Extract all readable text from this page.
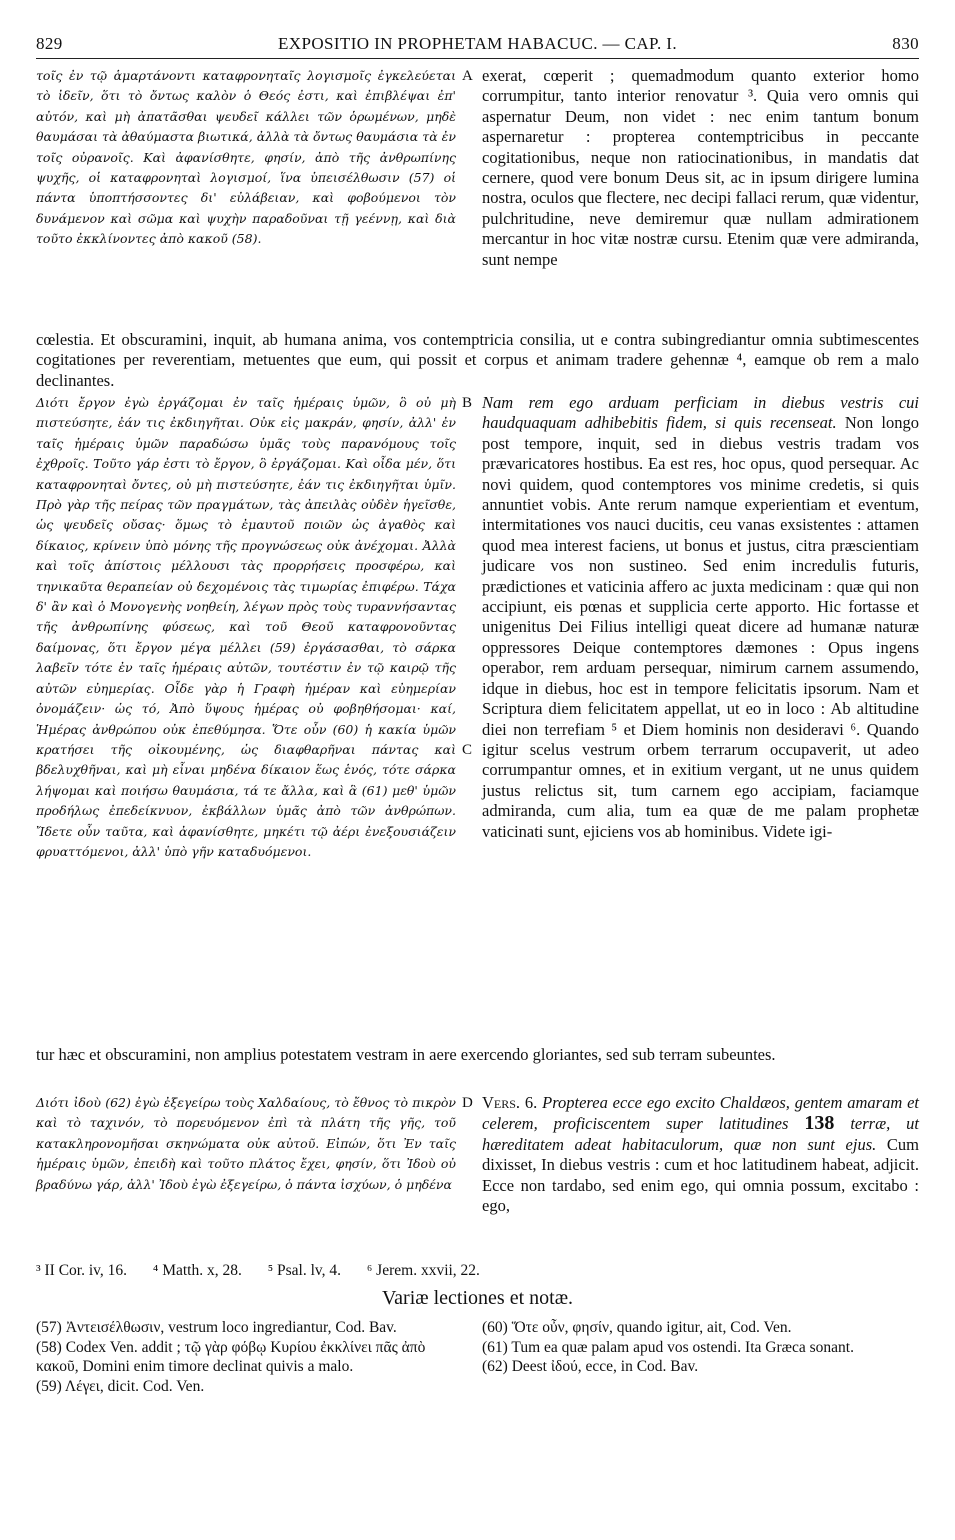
829	EXPOSITIO IN PROPHETAM HABACUC. — CAP. I.	830

τοῖς ἐν τῷ ἁμαρτάνοντι καταφρονηταῖς λογισμοῖς ἐγκελεύεται τὸ ἰδεῖν, ὅτι τὸ ὄντως καλὸν ὁ Θεός ἐστι, καὶ ἐπιβλέψαι ἐπ' αὐτόν, καὶ μὴ ἀπατᾶσθαι ψευδεῖ κάλλει τῶν ὁρωμένων, μηδὲ θαυμάσαι τὰ ἀθαύμαστα βιωτικά, ἀλλὰ τὰ ὄντως θαυμάσια τὰ ἐν τοῖς οὐρανοῖς. Καὶ ἀφανίσθητε, φησίν, ἀπὸ τῆς ἀνθρωπίνης ψυχῆς, οἱ καταφρονηταὶ λογισμοί, ἵνα ὑπεισέλθωσιν (57) οἱ πάντα ὑποπτήσσοντες δι' εὐλάβειαν, καὶ φοβούμενοι τὸν δυνάμενον καὶ σῶμα καὶ ψυχὴν παραδοῦναι τῇ γεέννῃ, καὶ διὰ τοῦτο ἐκκλίνοντες ἀπὸ κακοῦ (58).

A exerat, cœperit ; quemadmodum quanto exterior homo corrumpitur, tanto interior renovatur ³. Quia vero omnis qui aspernatur Deum, non videt : nec enim tantum bonum aspernaretur : propterea contemptricibus in peccante cogitationibus, neque non ratiocinationibus, in mandatis dat cernere, quod vere bonum Deus sit, ac in ipsum dirigere lumina nostra, oculos que flectere, nec decipi fallaci rerum, quæ videntur, pulchritudine, neve demiremur quæ nullam admirationem mercantur in hoc vitæ nostræ cursu. Etenim quæ vere admiranda, sunt nempe

cœlestia. Et obscuramini, inquit, ab humana anima, vos contemptricia consilia, ut e contra subingrediantur omnia subtimescentes cogitationes per reverentiam, metuentes que eum, qui possit et corpus et animam tradere gehennæ ⁴, eamque ob rem a malo declinantes.

Διότι ἔργον ἐγὼ ἐργάζομαι ἐν ταῖς ἡμέραις ὑμῶν, ὃ οὐ μὴ πιστεύσητε, ἐάν τις ἐκδιηγῆται. Οὐκ εἰς μακράν, φησίν, ἀλλ' ἐν ταῖς ἡμέραις ὑμῶν παραδώσω ὑμᾶς τοὺς παρανόμους τοῖς ἐχθροῖς. Τοῦτο γάρ ἐστι τὸ ἔργον, ὃ ἐργάζομαι. Καὶ οἶδα μέν, ὅτι καταφρονηταὶ ὄντες, οὐ μὴ πιστεύσητε, ἐάν τις ἐκδιηγῆται ὑμῖν. Πρὸ γὰρ τῆς πείρας τῶν πραγμάτων, τὰς ἀπειλὰς οὐδὲν ἡγεῖσθε, ὡς ψευδεῖς οὔσας· ὅμως τὸ ἐμαυτοῦ ποιῶν ὡς ἀγαθὸς καὶ δίκαιος, κρίνειν ὑπὸ μόνης τῆς προγνώσεως οὐκ ἀνέχομαι. Ἀλλὰ καὶ τοῖς ἀπίστοις μέλλουσι τὰς προρρήσεις προσφέρω, καὶ τηνικαῦτα θεραπείαν οὐ δεχομένοις τὰς τιμωρίας ἐπιφέρω. Τάχα δ' ἂν καὶ ὁ Μονογενὴς νοηθείη, λέγων πρὸς τοὺς τυραννήσαντας τῆς ἀνθρωπίνης φύσεως, καὶ τοῦ Θεοῦ καταφρονοῦντας δαίμονας, ὅτι ἔργον μέγα μέλλει (59) ἐργάσασθαι, τὸ σάρκα λαβεῖν τότε ἐν ταῖς ἡμέραις αὐτῶν, τουτέστιν ἐν τῷ καιρῷ τῆς αὐτῶν εὐημερίας. Οἶδε γὰρ ἡ Γραφὴ ἡμέραν καὶ εὐημερίαν ὀνομάζειν· ὡς τό, Ἀπὸ ὕψους ἡμέρας οὐ φοβηθήσομαι· καί, Ἡμέρας ἀνθρώπου οὐκ ἐπεθύμησα. Ὅτε οὖν (60) ἡ κακία ὑμῶν κρατήσει τῆς οἰκουμένης, ὡς διαφθαρῆναι πάντας καὶ βδελυχθῆναι, καὶ μὴ εἶναι μηδένα δίκαιον ἕως ἑνός, τότε σάρκα λήψομαι καὶ ποιήσω θαυμάσια, τά τε ἄλλα, καὶ ἃ (61) μεθ' ὑμῶν προδήλως ἐπεδείκνυον, ἐκβάλλων ὑμᾶς ἀπὸ τῶν ἀνθρώπων. Ἴδετε οὖν ταῦτα, καὶ ἀφανίσθητε, μηκέτι τῷ ἀέρι ἐνεξουσιάζειν φρυαττόμενοι, ἀλλ' ὑπὸ γῆν καταδυόμενοι.

B
C
Nam rem ego arduam perficiam in diebus vestris cui haudquaquam adhibebitis fidem, si quis recenseat. Non longo post tempore, inquit, sed in diebus vestris tradam vos prævaricatores hostibus. Ea est res, hoc opus, quod persequar. Ac novi quidem, quod contemptores vos minime credetis, si quis annuntiet vobis. Ante rerum namque experientiam et eventum, intermitationes vos nauci ducitis, ceu vanas exsistentes : attamen quod mea interest faciens, ut bonus et justus, citra præscientiam judicare vos non sustineo. Sed enim incredulis futuris, prædictiones et vaticinia affero ac juxta medicinam : quæ qui non accipiunt, eis pœnas et supplicia certe apporto. Hic fortasse et unigenitus Dei Filius intelligi queat dicere ad humanæ naturæ oppressores Deique contemptores dæmones : Opus ingens operabor, rem arduam persequar, nimirum carnem assumendo, idque in diebus, hoc est in tempore felicitatis ipsorum. Nam et Scriptura diem felicitatem appellat, ut eo in loco : Ab altitudine diei non terrefiam ⁵ et Diem hominis non desideravi ⁶. Quando igitur scelus vestrum orbem terrarum occupaverit, ut adeo corrumpantur omnes, et in exitium vergant, ut ne unus quidem justus relictus sit, tum carnem ego accipiam, faciamque admiranda, cum alia, tum ea quæ de me palam prophetæ vaticinati sunt, ejiciens vos ab hominibus. Videte igi-

tur hæc et obscuramini, non amplius potestatem vestram in aere exercendo gloriantes, sed sub terram subeuntes.

Διότι ἰδοὺ (62) ἐγὼ ἐξεγείρω τοὺς Χαλδαίους, τὸ ἔθνος τὸ πικρὸν καὶ τὸ ταχινόν, τὸ πορευόμενον ἐπὶ τὰ πλάτη τῆς γῆς, τοῦ κατακληρονομῆσαι σκηνώματα οὐκ αὐτοῦ. Εἰπών, ὅτι Ἐν ταῖς ἡμέραις ὑμῶν, ἐπειδὴ καὶ τοῦτο πλάτος ἔχει, φησίν, ὅτι Ἰδοὺ οὐ βραδύνω γάρ, ἀλλ' Ἰδοὺ ἐγὼ ἐξεγείρω, ὁ πάντα ἰσχύων, ὁ μηδένα

D Vers. 6. Propterea ecce ego excito Chaldæos, gentem amaram et celerem, proficiscentem super latitudines 138 terræ, ut hæreditatem adeat habitaculorum, quæ non sunt ejus. Cum dixisset, In diebus vestris : cum et hoc latitudinem habeat, adjicit. Ecce non tardabo, sed enim ego, qui omnia possum, excitabo : ego,
³ II Cor. iv, 16. ⁴ Matth. x, 28. ⁵ Psal. lv, 4. ⁶ Jerem. xxvii, 22.
Variæ lectiones et notæ.

(57) Ἀντεισέλθωσιν, vestrum loco ingrediantur, Cod. Bav.

(58) Codex Ven. addit ; τῷ γὰρ φόβῳ Κυρίου ἐκκλίνει πᾶς ἀπὸ κακοῦ, Domini enim timore declinat quivis a malo.

(59) Λέγει, dicit. Cod. Ven.

(60) Ὅτε οὖν, φησίν, quando igitur, ait, Cod. Ven.

(61) Tum ea quæ palam apud vos ostendi. Ita Græca sonant.

(62) Deest ἰδού, ecce, in Cod. Bav.
